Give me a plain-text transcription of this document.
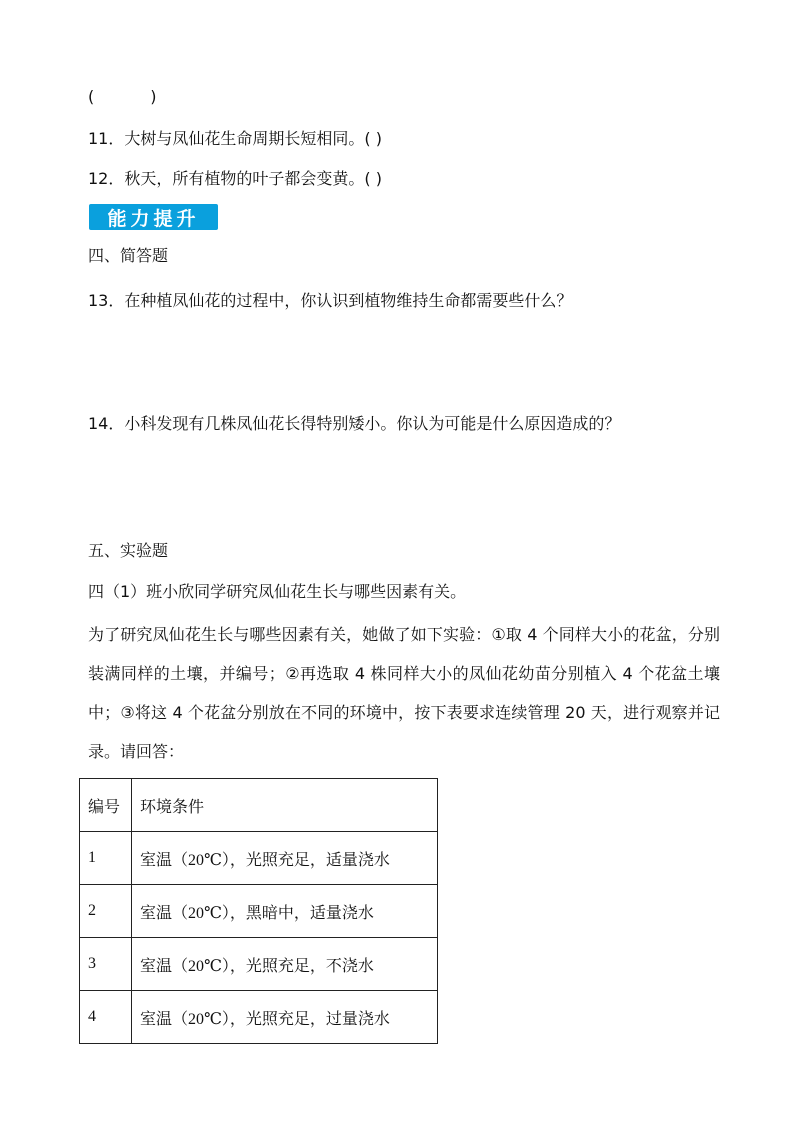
(           )
11．大树与凤仙花生命周期长短相同。( )
12．秋天，所有植物的叶子都会变黄。( )
能力提升
四、简答题
13．在种植凤仙花的过程中，你认识到植物维持生命都需要些什么？
14．小科发现有几株凤仙花长得特别矮小。你认为可能是什么原因造成的？
五、实验题
四（1）班小欣同学研究凤仙花生长与哪些因素有关。
为了研究凤仙花生长与哪些因素有关，她做了如下实验：①取 4 个同样大小的花盆，分别装满同样的土壤，并编号；②再选取 4 株同样大小的凤仙花幼苗分别植入 4 个花盆土壤中；③将这 4 个花盆分别放在不同的环境中，按下表要求连续管理 20 天，进行观察并记录。请回答：
编号	环境条件
1	室温（20℃），光照充足，适量浇水
2	室温（20℃），黑暗中，适量浇水
3	室温（20℃），光照充足，不浇水
4	室温（20℃），光照充足，过量浇水
